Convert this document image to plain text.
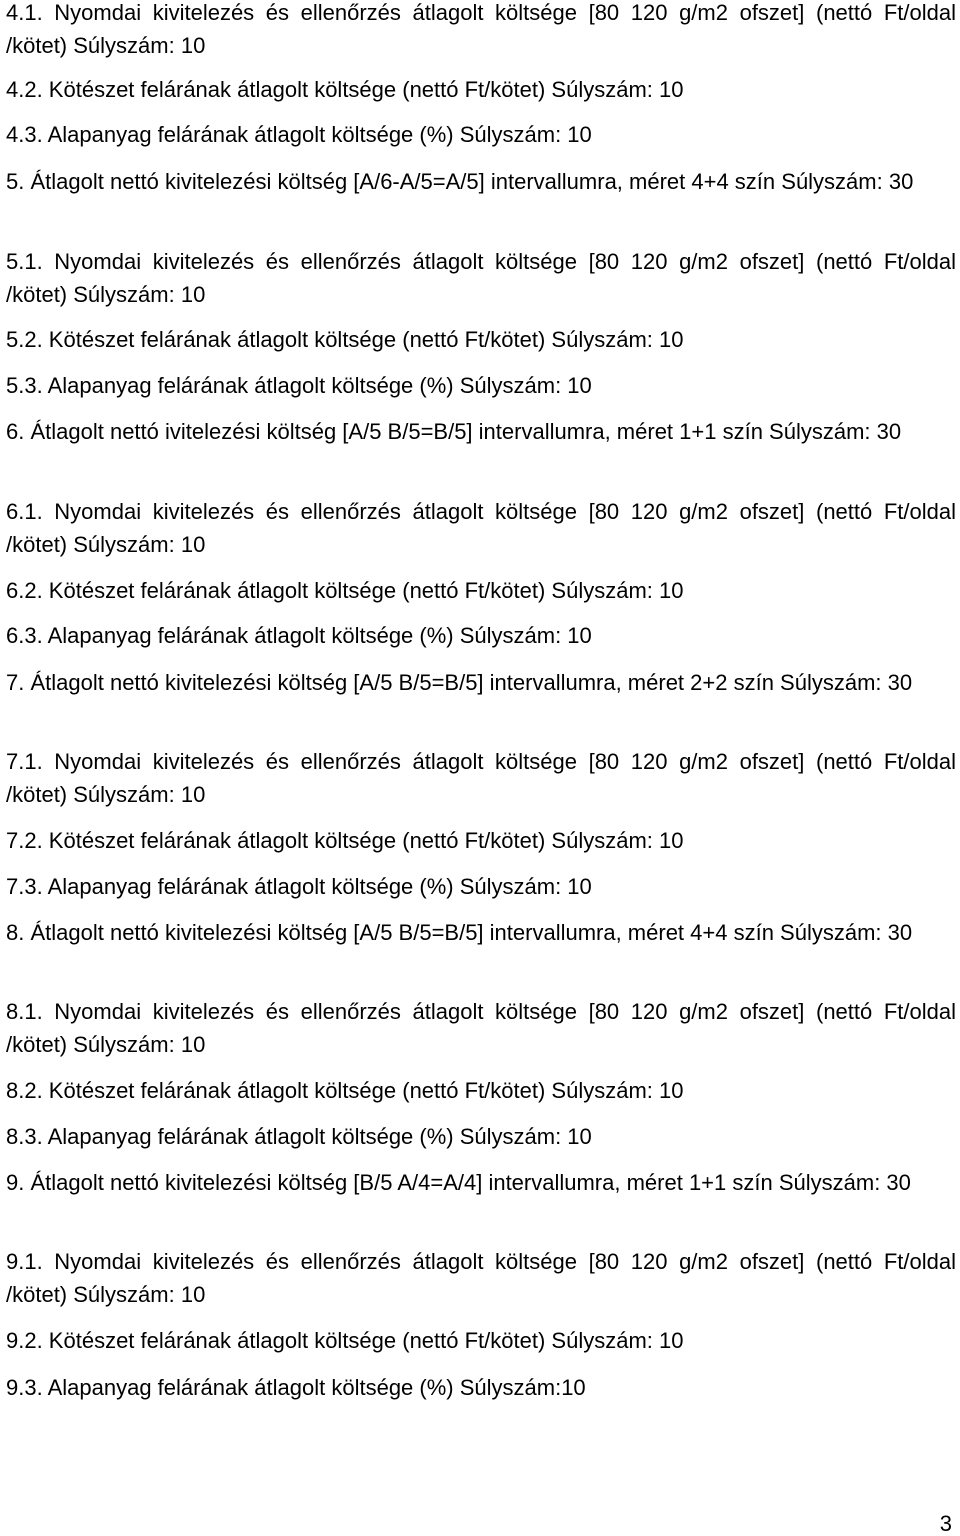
4.1. Nyomdai kivitelezés és ellenőrzés átlagolt költsége [80 120 g/m2 ofszet] (nettó Ft/oldal /kötet) Súlyszám: 10

4.2. Kötészet felárának átlagolt költsége (nettó Ft/kötet) Súlyszám: 10

4.3. Alapanyag felárának átlagolt költsége (%) Súlyszám: 10

5. Átlagolt nettó kivitelezési költség [A/6-A/5=A/5] intervallumra, méret 4+4 szín Súlyszám: 30

5.1. Nyomdai kivitelezés és ellenőrzés átlagolt költsége [80 120 g/m2 ofszet] (nettó Ft/oldal /kötet) Súlyszám: 10

5.2. Kötészet felárának átlagolt költsége (nettó Ft/kötet) Súlyszám: 10

5.3. Alapanyag felárának átlagolt költsége (%) Súlyszám: 10

6. Átlagolt nettó ivitelezési költség [A/5 B/5=B/5] intervallumra, méret 1+1 szín Súlyszám: 30

6.1. Nyomdai kivitelezés és ellenőrzés átlagolt költsége [80 120 g/m2 ofszet] (nettó Ft/oldal /kötet) Súlyszám: 10

6.2. Kötészet felárának átlagolt költsége (nettó Ft/kötet) Súlyszám: 10

6.3. Alapanyag felárának átlagolt költsége (%) Súlyszám: 10

7. Átlagolt nettó kivitelezési költség [A/5 B/5=B/5] intervallumra, méret 2+2 szín Súlyszám: 30

7.1. Nyomdai kivitelezés és ellenőrzés átlagolt költsége [80 120 g/m2 ofszet] (nettó Ft/oldal /kötet) Súlyszám: 10

7.2. Kötészet felárának átlagolt költsége (nettó Ft/kötet) Súlyszám: 10

7.3. Alapanyag felárának átlagolt költsége (%) Súlyszám: 10

8. Átlagolt nettó kivitelezési költség [A/5 B/5=B/5] intervallumra, méret 4+4 szín Súlyszám: 30

8.1. Nyomdai kivitelezés és ellenőrzés átlagolt költsége [80 120 g/m2 ofszet] (nettó Ft/oldal /kötet) Súlyszám: 10

8.2. Kötészet felárának átlagolt költsége (nettó Ft/kötet) Súlyszám: 10

8.3. Alapanyag felárának átlagolt költsége (%) Súlyszám: 10

9. Átlagolt nettó kivitelezési költség [B/5 A/4=A/4] intervallumra, méret 1+1 szín Súlyszám: 30

9.1. Nyomdai kivitelezés és ellenőrzés átlagolt költsége [80 120 g/m2 ofszet] (nettó Ft/oldal /kötet) Súlyszám: 10

9.2. Kötészet felárának átlagolt költsége (nettó Ft/kötet) Súlyszám: 10

9.3. Alapanyag felárának átlagolt költsége (%) Súlyszám:10

3
